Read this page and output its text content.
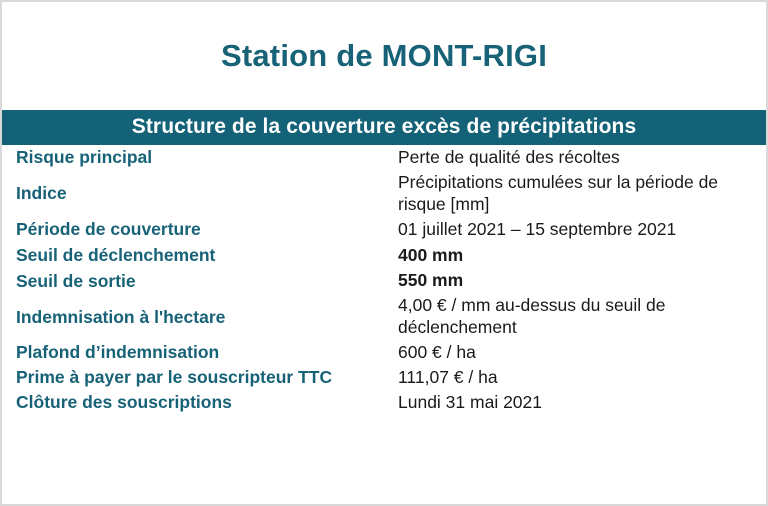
Station de MONT-RIGI
Structure de la couverture excès de précipitations
Risque principal	Perte de qualité des récoltes
Indice	Précipitations cumulées sur la période de risque [mm]
Période de couverture	01 juillet 2021 – 15 septembre 2021
Seuil de déclenchement	400 mm
Seuil de sortie	550 mm
Indemnisation à l'hectare	4,00 € / mm au-dessus du seuil de déclenchement
Plafond d’indemnisation	600 € / ha
Prime à payer par le souscripteur TTC	111,07 € / ha
Clôture des souscriptions	Lundi 31 mai 2021
